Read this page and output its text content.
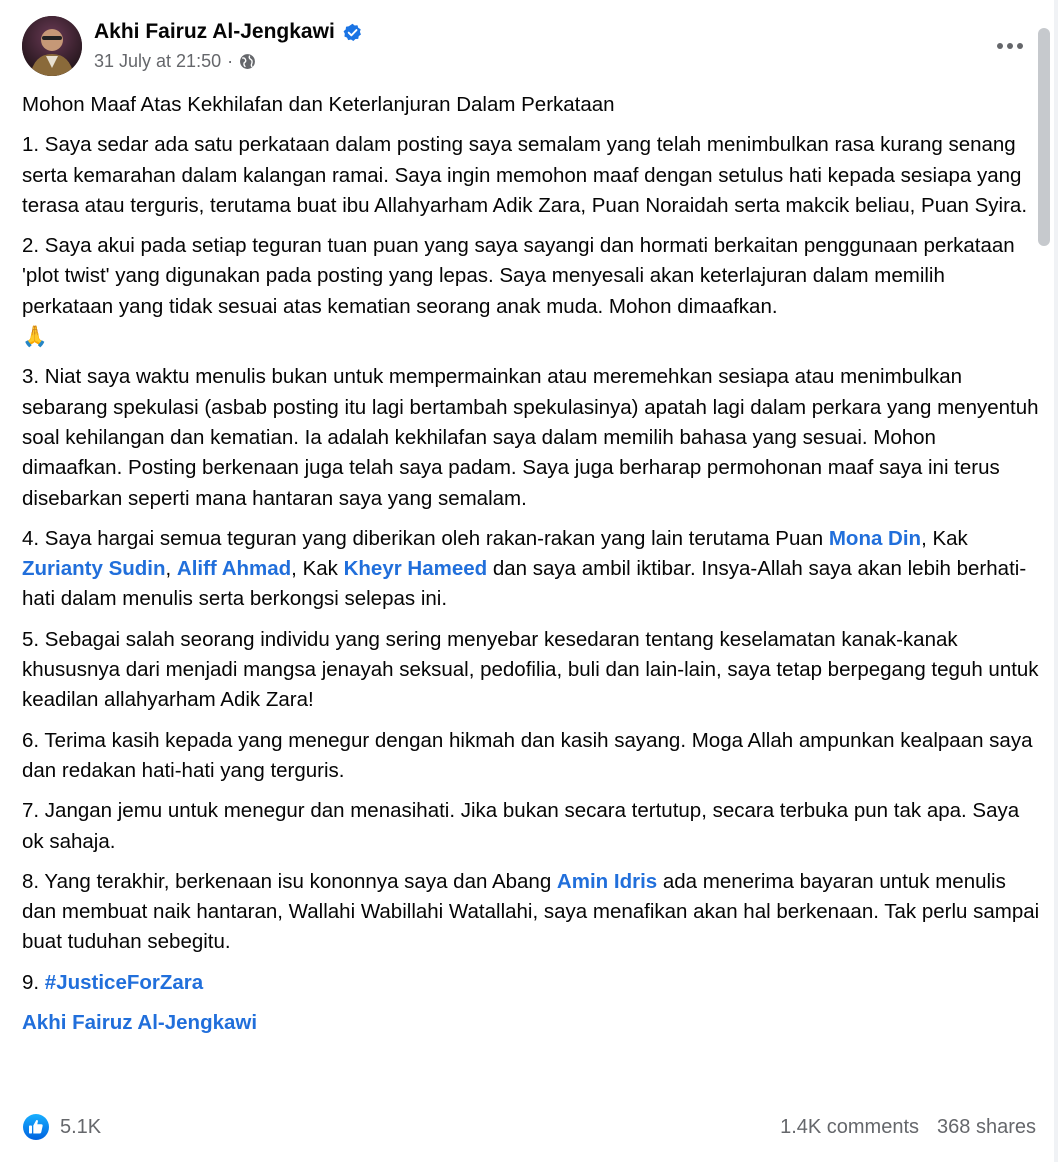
Akhi Fairuz Al-Jengkawi
31 July at 21:50 ·

Mohon Maaf Atas Kekhilafan dan Keterlanjuran Dalam Perkataan

1. Saya sedar ada satu perkataan dalam posting saya semalam yang telah menimbulkan rasa kurang senang serta kemarahan dalam kalangan ramai. Saya ingin memohon maaf dengan setulus hati kepada sesiapa yang terasa atau terguris, terutama buat ibu Allahyarham Adik Zara, Puan Noraidah serta makcik beliau, Puan Syira.

2. Saya akui pada setiap teguran tuan puan yang saya sayangi dan hormati berkaitan penggunaan perkataan 'plot twist' yang digunakan pada posting yang lepas. Saya menyesali akan keterlajuran dalam memilih perkataan yang tidak sesuai atas kematian seorang anak muda. Mohon dimaafkan.
🙏

3. Niat saya waktu menulis bukan untuk mempermainkan atau meremehkan sesiapa atau menimbulkan sebarang spekulasi (asbab posting itu lagi bertambah spekulasinya) apatah lagi dalam perkara yang menyentuh soal kehilangan dan kematian. Ia adalah kekhilafan saya dalam memilih bahasa yang sesuai. Mohon dimaafkan. Posting berkenaan juga telah saya padam. Saya juga berharap permohonan maaf saya ini terus disebarkan seperti mana hantaran saya yang semalam.

4. Saya hargai semua teguran yang diberikan oleh rakan-rakan yang lain terutama Puan Mona Din, Kak Zurianty Sudin, Aliff Ahmad, Kak Kheyr Hameed dan saya ambil iktibar. Insya-Allah saya akan lebih berhati-hati dalam menulis serta berkongsi selepas ini.

5. Sebagai salah seorang individu yang sering menyebar kesedaran tentang keselamatan kanak-kanak khususnya dari menjadi mangsa jenayah seksual, pedofilia, buli dan lain-lain, saya tetap berpegang teguh untuk keadilan allahyarham Adik Zara!

6. Terima kasih kepada yang menegur dengan hikmah dan kasih sayang. Moga Allah ampunkan kealpaan saya dan redakan hati-hati yang terguris.

7. Jangan jemu untuk menegur dan menasihati. Jika bukan secara tertutup, secara terbuka pun tak apa. Saya ok sahaja.

8. Yang terakhir, berkenaan isu kononnya saya dan Abang Amin Idris ada menerima bayaran untuk menulis dan membuat naik hantaran, Wallahi Wabillahi Watallahi, saya menafikan akan hal berkenaan. Tak perlu sampai buat tuduhan sebegitu.

9. #JusticeForZara

Akhi Fairuz Al-Jengkawi

5.1K	1.4K comments 368 shares
